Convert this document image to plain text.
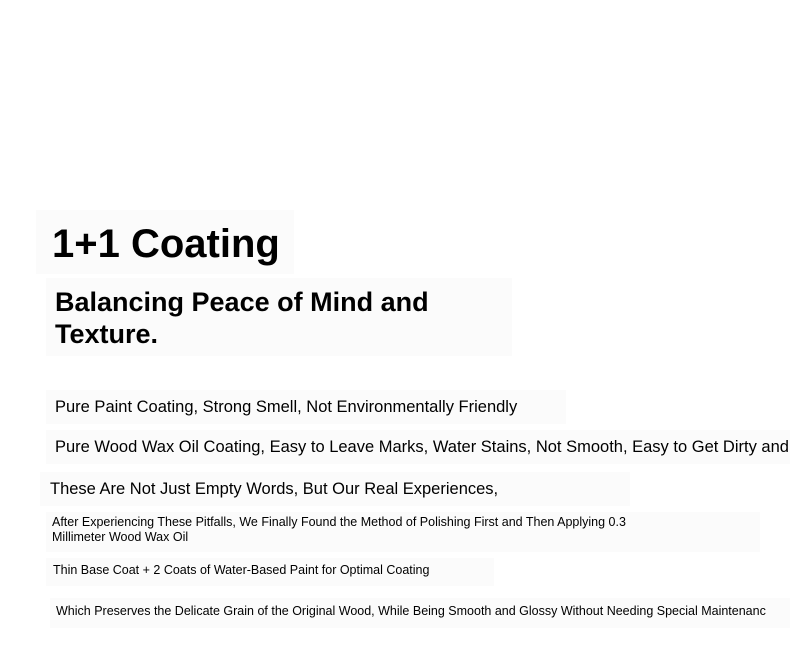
1+1 Coating
Balancing Peace of Mind and Texture.
Pure Paint Coating, Strong Smell, Not Environmentally Friendly
Pure Wood Wax Oil Coating, Easy to Leave Marks, Water Stains, Not Smooth, Easy to Get Dirty and
These Are Not Just Empty Words, But Our Real Experiences,
After Experiencing These Pitfalls, We Finally Found the Method of Polishing First and Then Applying 0.3 Millimeter Wood Wax Oil
Thin Base Coat + 2 Coats of Water-Based Paint for Optimal Coating
Which Preserves the Delicate Grain of the Original Wood, While Being Smooth and Glossy Without Needing Special Maintenanc
